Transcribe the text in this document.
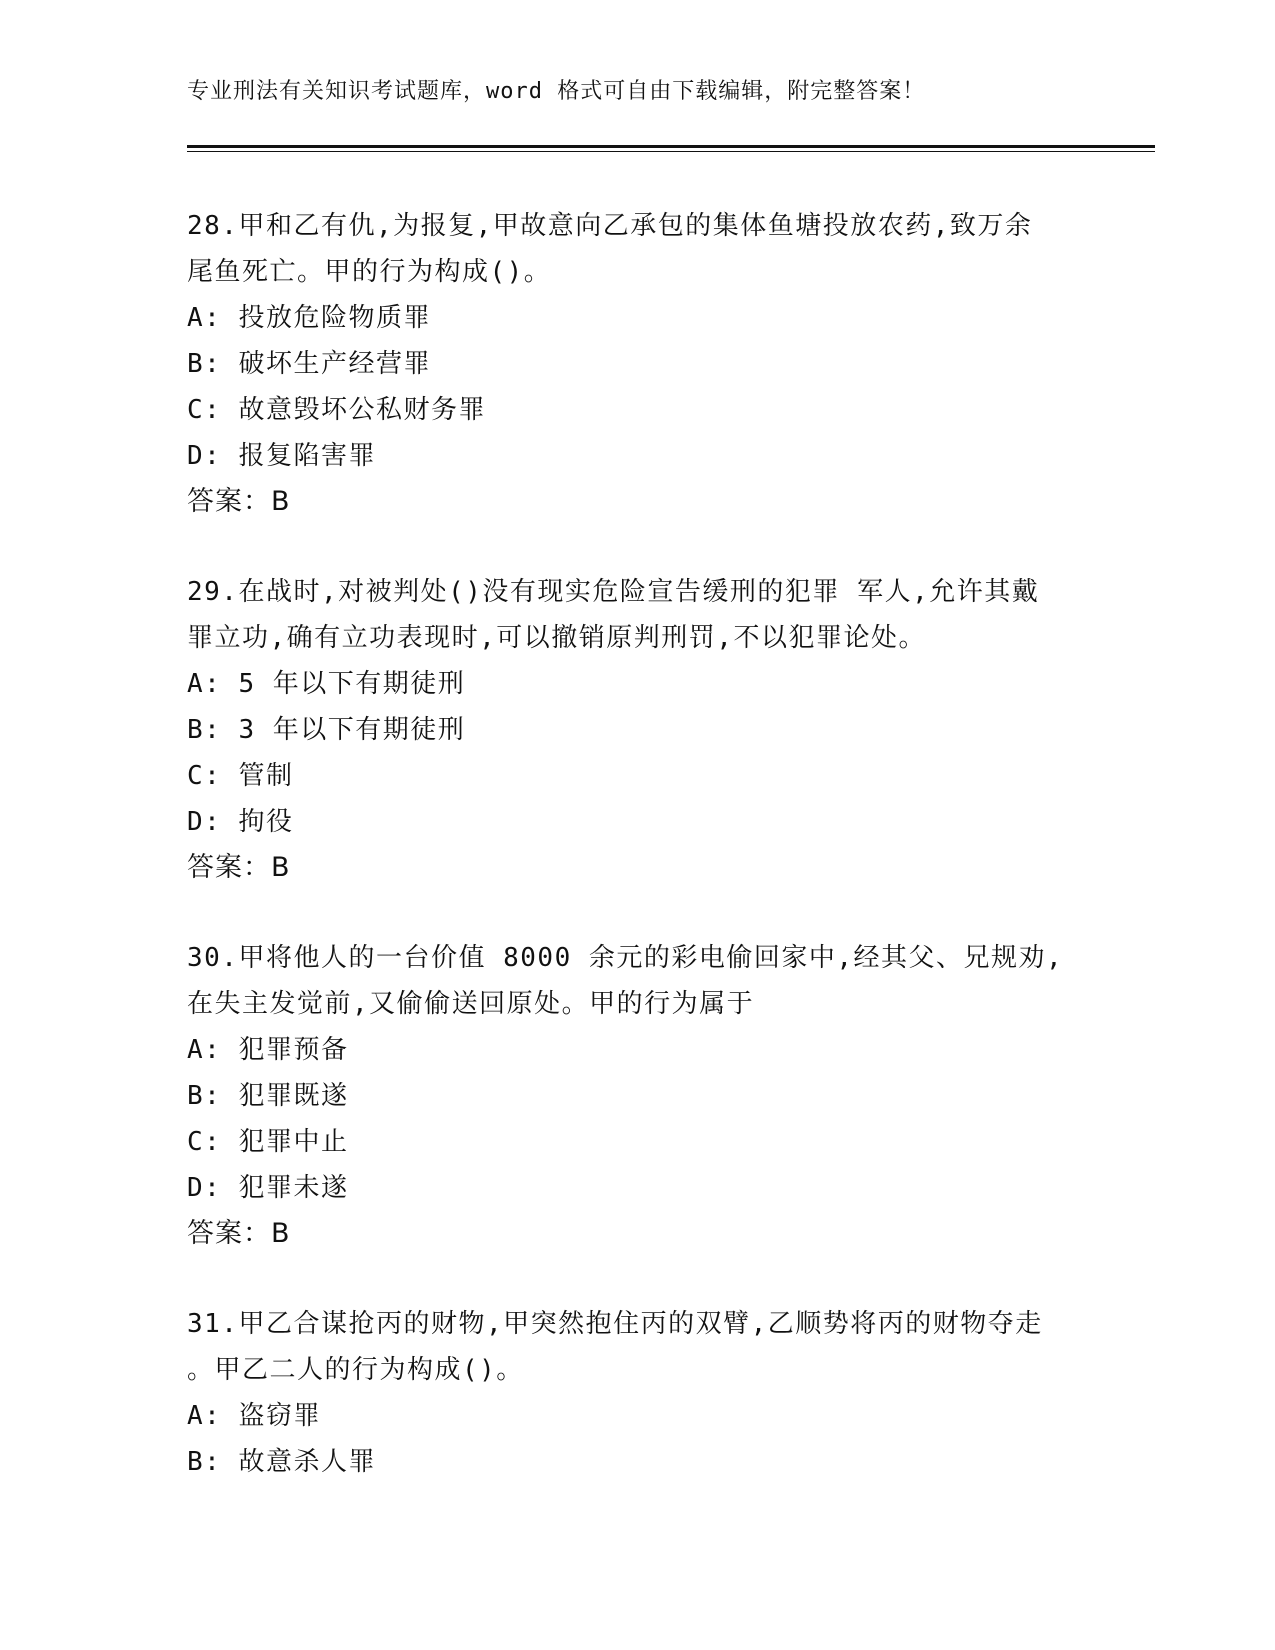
专业刑法有关知识考试题库，word 格式可自由下载编辑，附完整答案！
28.甲和乙有仇,为报复,甲故意向乙承包的集体鱼塘投放农药,致万余
尾鱼死亡。甲的行为构成()。
A: 投放危险物质罪
B: 破坏生产经营罪
C: 故意毁坏公私财务罪
D: 报复陷害罪
答案：B
29.在战时,对被判处()没有现实危险宣告缓刑的犯罪 军人,允许其戴
罪立功,确有立功表现时,可以撤销原判刑罚,不以犯罪论处。
A: 5 年以下有期徒刑
B: 3 年以下有期徒刑
C: 管制
D: 拘役
答案：B
30.甲将他人的一台价值 8000 余元的彩电偷回家中,经其父、兄规劝,
在失主发觉前,又偷偷送回原处。甲的行为属于
A: 犯罪预备
B: 犯罪既遂
C: 犯罪中止
D: 犯罪未遂
答案：B
31.甲乙合谋抢丙的财物,甲突然抱住丙的双臂,乙顺势将丙的财物夺走
。甲乙二人的行为构成()。
A: 盗窃罪
B: 故意杀人罪
